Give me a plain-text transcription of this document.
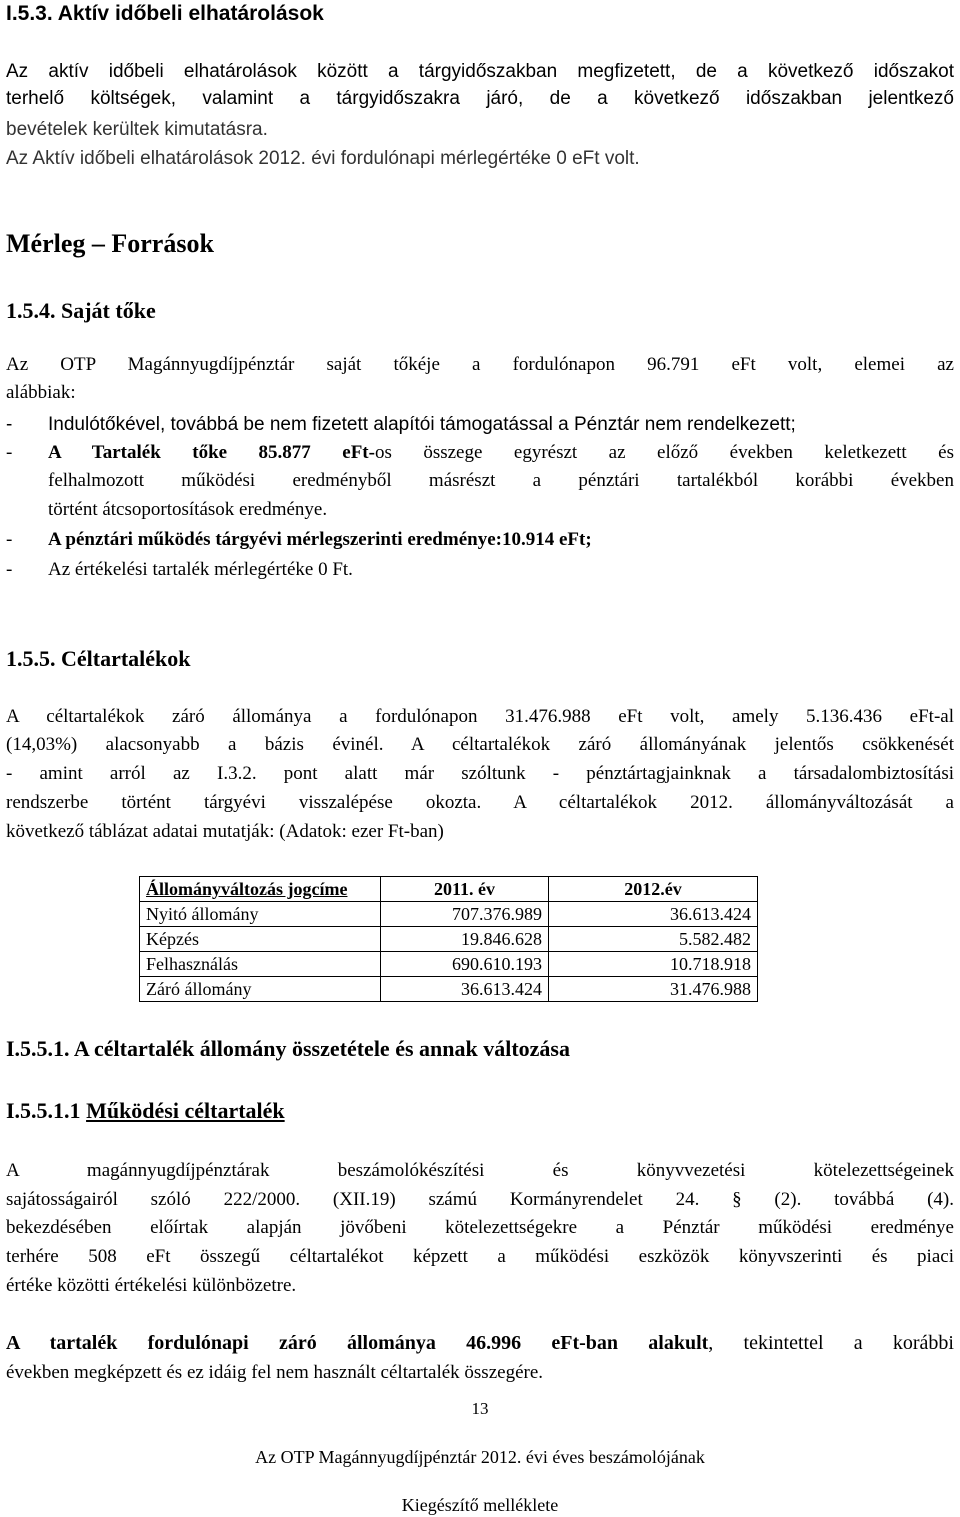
I.5.3. Aktív időbeli elhatárolások
Az aktív időbeli elhatárolások között a tárgyidőszakban megfizetett, de a következő időszakot
terhelő költségek, valamint a tárgyidőszakra járó, de a következő időszakban jelentkező
bevételek kerültek kimutatásra.
Az Aktív időbeli elhatárolások 2012. évi fordulónapi mérlegértéke 0 eFt volt.
Mérleg – Források
1.5.4. Saját tőke
Az OTP Magánnyugdíjpénztár saját tőkéje a fordulónapon 96.791 eFt volt, elemei az
alábbiak:
- Indulótőkével, továbbá be nem fizetett alapítói támogatással a Pénztár nem rendelkezett;
- A Tartalék tőke 85.877 eFt-os összege egyrészt az előző években keletkezett és
felhalmozott működési eredményből másrészt a pénztári tartalékból korábbi években
történt átcsoportosítások eredménye.
- A pénztári működés tárgyévi mérlegszerinti eredménye:10.914 eFt;
- Az értékelési tartalék mérlegértéke 0 Ft.
1.5.5. Céltartalékok
A céltartalékok záró állománya a fordulónapon 31.476.988 eFt volt, amely 5.136.436 eFt-al
(14,03%) alacsonyabb a bázis évinél. A céltartalékok záró állományának jelentős csökkenését
- amint arról az I.3.2. pont alatt már szóltunk - pénztártagjainknak a társadalombiztosítási
rendszerbe történt tárgyévi visszalépése okozta. A céltartalékok 2012. állományváltozását a
következő táblázat adatai mutatják: (Adatok: ezer Ft-ban)
Állományváltozás jogcíme	2011. év	2012.év
Nyitó állomány	707.376.989	36.613.424
Képzés	19.846.628	5.582.482
Felhasználás	690.610.193	10.718.918
Záró állomány	36.613.424	31.476.988
I.5.5.1. A céltartalék állomány összetétele és annak változása
I.5.5.1.1 Működési céltartalék
A magánnyugdíjpénztárak beszámolókészítési és könyvvezetési kötelezettségeinek
sajátosságairól szóló 222/2000. (XII.19) számú Kormányrendelet 24. § (2). továbbá (4).
bekezdésében előírtak alapján jövőbeni kötelezettségekre a Pénztár működési eredménye
terhére 508 eFt összegű céltartalékot képzett a működési eszközök könyvszerinti és piaci
értéke közötti értékelési különbözetre.
A tartalék fordulónapi záró állománya 46.996 eFt-ban alakult, tekintettel a korábbi
években megképzett és ez idáig fel nem használt céltartalék összegére.
13
Az OTP Magánnyugdíjpénztár 2012. évi éves beszámolójának
Kiegészítő melléklete
